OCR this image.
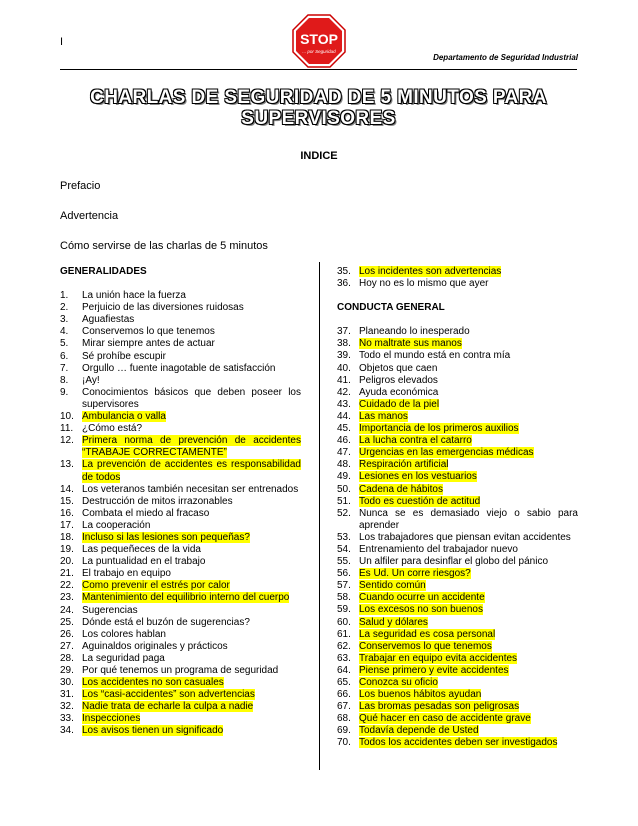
I	STOP
... por Seguridad
Departamento de Seguridad Industrial
CHARLAS DE SEGURIDAD DE 5 MINUTOS PARA
SUPERVISORES
INDICE
Prefacio
Advertencia
Cómo servirse de las charlas de 5 minutos
GENERALIDADES
1.	La unión hace la fuerza
2.	Perjuicio de las diversiones ruidosas
3.	Aguafiestas
4.	Conservemos lo que tenemos
5.	Mirar siempre antes de actuar
6.	Sé prohíbe escupir
7.	Orgullo … fuente inagotable de satisfacción
8.	¡Ay!
9.	Conocimientos básicos que deben poseer los supervisores
10. Ambulancia o valla
11. ¿Cómo está?
12. Primera norma de prevención de accidentes “TRABAJE CORRECTAMENTE”
13. La prevención de accidentes es responsabilidad de todos
14. Los veteranos también necesitan ser entrenados
15. Destrucción de mitos irrazonables
16. Combata el miedo al fracaso
17. La cooperación
18. Incluso si las lesiones son pequeñas?
19. Las pequeñeces de la vida
20. La puntualidad en el trabajo
21. El trabajo en equipo
22. Como prevenir el estrés por calor
23. Mantenimiento del equilibrio interno del cuerpo
24. Sugerencias
25. Dónde está el buzón de sugerencias?
26. Los colores hablan
27. Aguinaldos originales y prácticos
28. La seguridad paga
29. Por qué tenemos un programa de seguridad
30. Los accidentes no son casuales
31. Los “casi-accidentes” son advertencias
32. Nadie trata de echarle la culpa a nadie
33. Inspecciones
34. Los avisos tienen un significado
35. Los incidentes son advertencias
36. Hoy no es lo mismo que ayer
CONDUCTA GENERAL
37. Planeando lo inesperado
38. No maltrate sus manos
39. Todo el mundo está en contra mía
40. Objetos que caen
41. Peligros elevados
42. Ayuda económica
43. Cuidado de la piel
44. Las manos
45. Importancia de los primeros auxilios
46. La lucha contra el catarro
47. Urgencias en las emergencias médicas
48. Respiración artificial
49. Lesiones en los vestuarios
50. Cadena de hábitos
51. Todo es cuestión de actitud
52. Nunca se es demasiado viejo o sabio para aprender
53. Los trabajadores que piensan evitan accidentes
54. Entrenamiento del trabajador nuevo
55. Un alfiler para desinflar el globo del pánico
56. Es Ud. Un corre riesgos?
57. Sentido común
58. Cuando ocurre un accidente
59. Los excesos no son buenos
60. Salud y dólares
61. La seguridad es cosa personal
62. Conservemos lo que tenemos
63. Trabajar en equipo evita accidentes
64. Piense primero y evite accidentes
65. Conozca su oficio
66. Los buenos hábitos ayudan
67. Las bromas pesadas son peligrosas
68. Qué hacer en caso de accidente grave
69. Todavía depende de Usted
70. Todos los accidentes deben ser investigados
